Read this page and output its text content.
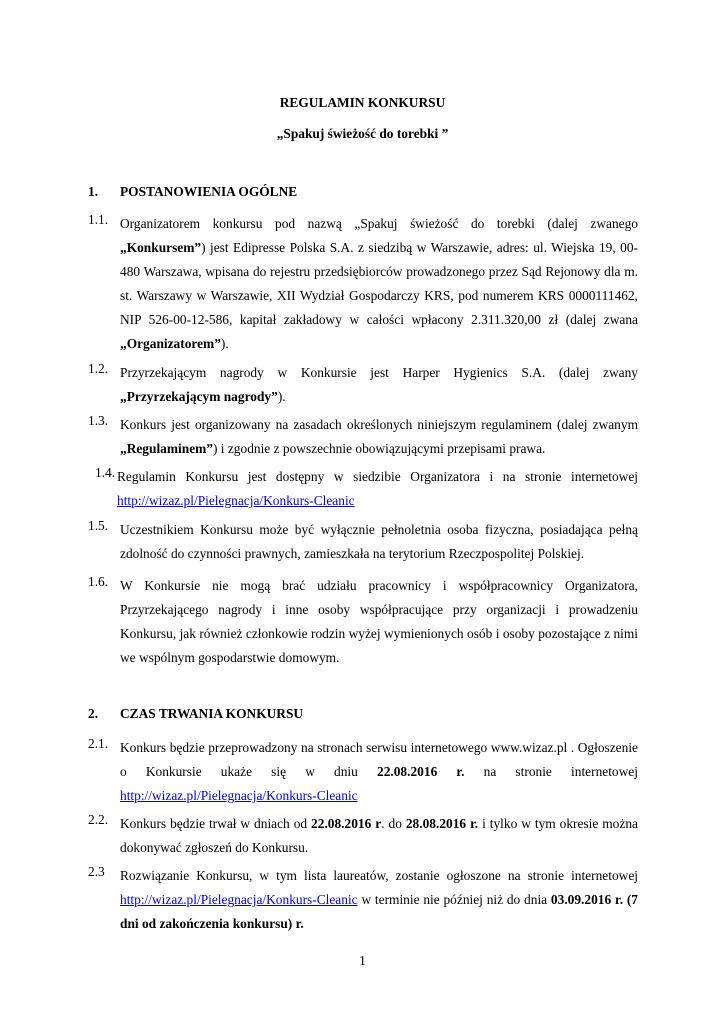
REGULAMIN KONKURSU
„Spakuj świeżość do torebki ”
1. POSTANOWIENIA OGÓLNE
1.1. Organizatorem konkursu pod nazwą „Spakuj świeżość do torebki (dalej zwanego „Konkursem”) jest Edipresse Polska S.A. z siedzibą w Warszawie, adres: ul. Wiejska 19, 00-480 Warszawa, wpisana do rejestru przedsiębiorców prowadzonego przez Sąd Rejonowy dla m. st. Warszawy w Warszawie, XII Wydział Gospodarczy KRS, pod numerem KRS 0000111462, NIP 526-00-12-586, kapitał zakładowy w całości wpłacony 2.311.320,00 zł (dalej zwana „Organizatorem”).
1.2. Przyrzekającym nagrody w Konkursie jest Harper Hygienics S.A. (dalej zwany „Przyrzekającym nagrody”).
1.3. Konkurs jest organizowany na zasadach określonych niniejszym regulaminem (dalej zwanym „Regulaminem”) i zgodnie z powszechnie obowiązującymi przepisami prawa.
1.4. Regulamin Konkursu jest dostępny w siedzibie Organizatora i na stronie internetowej http://wizaz.pl/Pielegnacja/Konkurs-Cleanic
1.5. Uczestnikiem Konkursu może być wyłącznie pełnoletnia osoba fizyczna, posiadająca pełną zdolność do czynności prawnych, zamieszkała na terytorium Rzeczpospolitej Polskiej.
1.6. W Konkursie nie mogą brać udziału pracownicy i współpracownicy Organizatora, Przyrzekającego nagrody i inne osoby współpracujące przy organizacji i prowadzeniu Konkursu, jak również członkowie rodzin wyżej wymienionych osób i osoby pozostające z nimi we wspólnym gospodarstwie domowym.
2. CZAS TRWANIA KONKURSU
2.1. Konkurs będzie przeprowadzony na stronach serwisu internetowego www.wizaz.pl . Ogłoszenie o Konkursie ukaże się w dniu 22.08.2016 r. na stronie internetowej http://wizaz.pl/Pielegnacja/Konkurs-Cleanic
2.2. Konkurs będzie trwał w dniach od 22.08.2016 r. do 28.08.2016 r. i tylko w tym okresie można dokonywać zgłoszeń do Konkursu.
2.3 Rozwiązanie Konkursu, w tym lista laureatów, zostanie ogłoszone na stronie internetowej http://wizaz.pl/Pielegnacja/Konkurs-Cleanic w terminie nie później niż do dnia 03.09.2016 r. (7 dni od zakończenia konkursu) r.
1
